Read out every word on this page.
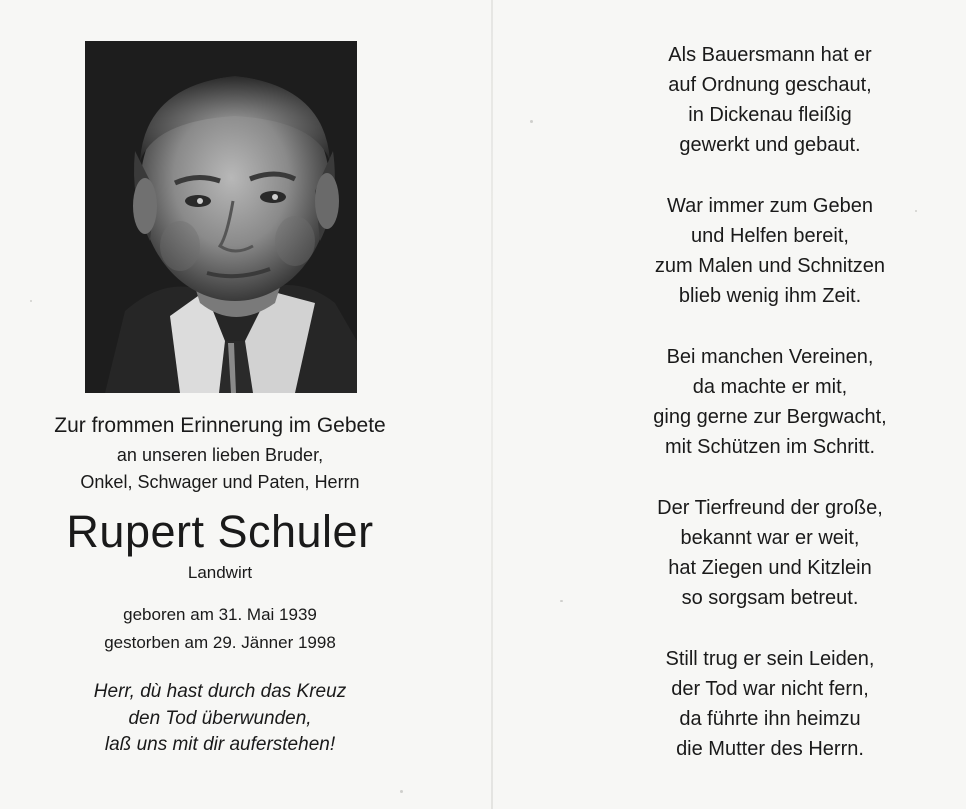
Zur frommen Erinnerung im Gebete
an unseren lieben Bruder,
Onkel, Schwager und Paten, Herrn
Rupert Schuler
Landwirt
geboren am 31. Mai 1939
gestorben am 29. Jänner 1998
Herr, dù hast durch das Kreuz
den Tod überwunden,
laß uns mit dir auferstehen!
Als Bauersmann hat er
auf Ordnung geschaut,
in Dickenau fleißig
gewerkt und gebaut.
War immer zum Geben
und Helfen bereit,
zum Malen und Schnitzen
blieb wenig ihm Zeit.
Bei manchen Vereinen,
da machte er mit,
ging gerne zur Bergwacht,
mit Schützen im Schritt.
Der Tierfreund der große,
bekannt war er weit,
hat Ziegen und Kitzlein
so sorgsam betreut.
Still trug er sein Leiden,
der Tod war nicht fern,
da führte ihn heimzu
die Mutter des Herrn.
